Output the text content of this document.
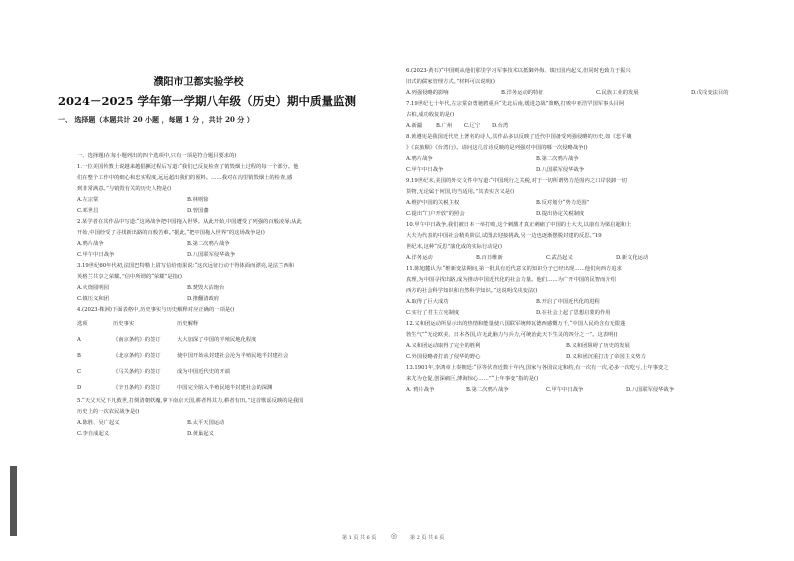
濮阳市卫都实验学校
2024－2025 学年第一学期八年级（历史）期中质量监测
一、 选择题（本题共计 20 小题 ，每题 1 分 ，共计 20 分 ）
一、选择题(在每小题列出的四个选项中,只有一项是符合题目要求的)
1.一位美国传教士说越来越猖獗过程后写道:“我们已反复检查了销毁烟土过程的每一个部分。他
们在整个工作中的细心和忠实程度,远远超出我们的预料。……我对在沟里销毁烟土的检查,感
到非常满意。”与销毁有关的历史人物是()
A.左宗棠	B.林则徐
C.邓世昌	D.曾国藩
2.某学者在其作品中写道:“这场战争把中国拖入世界。从此开始,中国遭受了列强的百般凌辱;从此
开始,中国经受了寻找新出路的百般苦难。”据此,“把中国拖入世界”的这场战争是()
A.鸦片战争	B.第二次鸦片战争
C.甲午中日战争	D.八国联军侵华战争
3.19世纪60年代初,法国巴特勒上尉写信给雨果说:“这次远征行动干得体面而漂亮,是法兰西和
英格兰共享之荣耀。”信中所谓的“荣耀”是指()
A.火烧圆明园	B.焚毁大沽炮台
C.镇压义和团	D.推翻清政府
4.(2023·株洲)下面表格中,历史事实与历史解释对应正确的一项是()
选项	历史事实	历史解释
A	《南京条约》的签订	大大加深了中国的半殖民地化程度
B	《北京条约》的签订	使中国开始从封建社会沦为半殖民地半封建社会
C	《马关条约》的签订	成为中国近代史的开端
D	《辛丑条约》的签订	中国完全陷入半殖民地半封建社会的深渊
5.“天父天兄下凡救世,打倒清朝妖魔,拿下南京天国,耕者得其力,耕者有田。”这首歌谣反映的是我国
历史上的一次农民战争是()
A.陈胜、吴广起义	B.太平天国运动
C.李自成起义	D.黄巢起义
6.(2023·黄石)“中国则从他们那里学习军事技术以抵御外侮、镇压国内起义,但同时也致力于振兴
旧式的儒家管理方式。”材料可以说明()
A.列强侵略的影响	B.洋务运动的特征	C.民族工业的发展	D.戊戌变法目的
7.19世纪七十年代,左宗棠奋勇驰骋重兵“先北后南,缓进急战”策略,打败中亚浩罕国军事头目阿
古柏,成功收复的是()
A.新疆	B.广州 C.辽宁 D.台湾
8.黄遵宪是我国近代史上著名的诗人,其作品多以反映了近代中国备受列强侵略的历史,如《悲平壤
》《哀旅顺》《台湾行》。请问这几首诗反映的是列强对中国的哪一次侵略战争()
A.鸦片战争	B.第二次鸦片战争
C.甲午中日战争	D.八国联军侵华战争
9.19世纪末,美国的外交文件中写道:“中国现行之关税,对于一切所谓势力范围内之口岸装卸一切
货物,无论属于何国,均当适用。”其表实含义是()
A.维护中国的关税主权	B.反对划分“势力范围”
C.提出“门户开放”的照会	D.提出协定关税制度
10.甲午中日战争,我们被日本一举打败,这个刺激才真正刺痛了中国的士大夫,以康有为梁启超和士
大夫为代表的中国社会精英阶层,试图去迎接挑战,另一边也逐渐摆脱封建的反思。”19
世纪末,这种“反思”演化成的实际行动是()
A.洋务运动	B.百日维新	C.武昌起义	D.新文化运动
11.陈旭麓认为:“维新变法期间,第一批具有近代意义的知识分子已经出现……他们向西方追求
真理,为中国寻找出路,成为推动中国近代化的社会力量。他们……为广开中国的民智而介绍
西方的社会科学知识和自然科学知识。”这说明戊戌变法()
A.取得了巨大成功	B.开启了中国近代化的进程
C.实行了君主立宪制度	D.在社会上起了思想启蒙的作用
12.义和团运动所显示出的热情和能量使八国联军统帅瓦德西感慨万千,“中国人民尚含有无限蓬
勃生气”“无论欧美、日本各国,许无此脑力与兵力,可统治此天下生灵的四分之一”。这表明()
A.义和团运动取得了完全的胜利	B.义和团阻碍了历史的发展
C.外国侵略者打消了侵华的野心	D.义和团沉重打击了帝国主义势力
13.1901年,李鸿章上奏朝廷:“臣等伏查近数十年内,国家与各国议定和约,有一次有一次,必多一次吃亏,上年事变之
来尤为仓促,创深痛巨,薄海惊心……”“上年事变”指的是()
A. 鸦片战争	B.第二次鸦片战争	C.甲午中日战争	D.八国联军侵华战争
第 1 页 共 6 页 ◎	第 2 页 共 6 页
